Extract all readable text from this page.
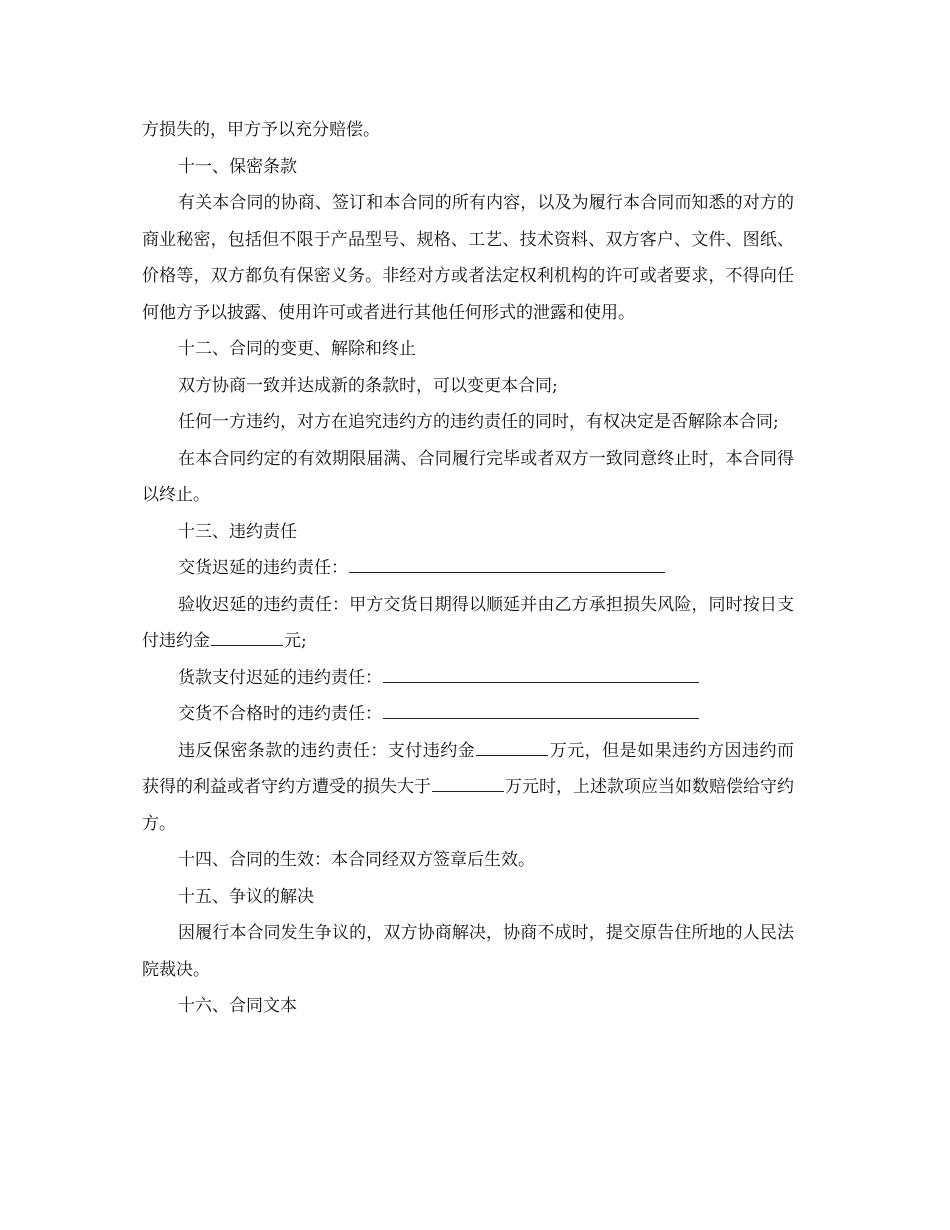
方损失的，甲方予以充分赔偿。

十一、保密条款

有关本合同的协商、签订和本合同的所有内容，以及为履行本合同而知悉的对方的商业秘密，包括但不限于产品型号、规格、工艺、技术资料、双方客户、文件、图纸、价格等，双方都负有保密义务。非经对方或者法定权利机构的许可或者要求，不得向任何他方予以披露、使用许可或者进行其他任何形式的泄露和使用。

十二、合同的变更、解除和终止

双方协商一致并达成新的条款时，可以变更本合同;

任何一方违约，对方在追究违约方的违约责任的同时，有权决定是否解除本合同;

在本合同约定的有效期限届满、合同履行完毕或者双方一致同意终止时，本合同得以终止。

十三、违约责任

交货迟延的违约责任：

验收迟延的违约责任：甲方交货日期得以顺延并由乙方承担损失风险，同时按日支付违约金	元;

货款支付迟延的违约责任：

交货不合格时的违约责任：

违反保密条款的违约责任：支付违约金	万元，但是如果违约方因违约而获得的利益或者守约方遭受的损失大于	万元时，上述款项应当如数赔偿给守约方。

十四、合同的生效：本合同经双方签章后生效。

十五、争议的解决

因履行本合同发生争议的，双方协商解决，协商不成时，提交原告住所地的人民法院裁决。

十六、合同文本
